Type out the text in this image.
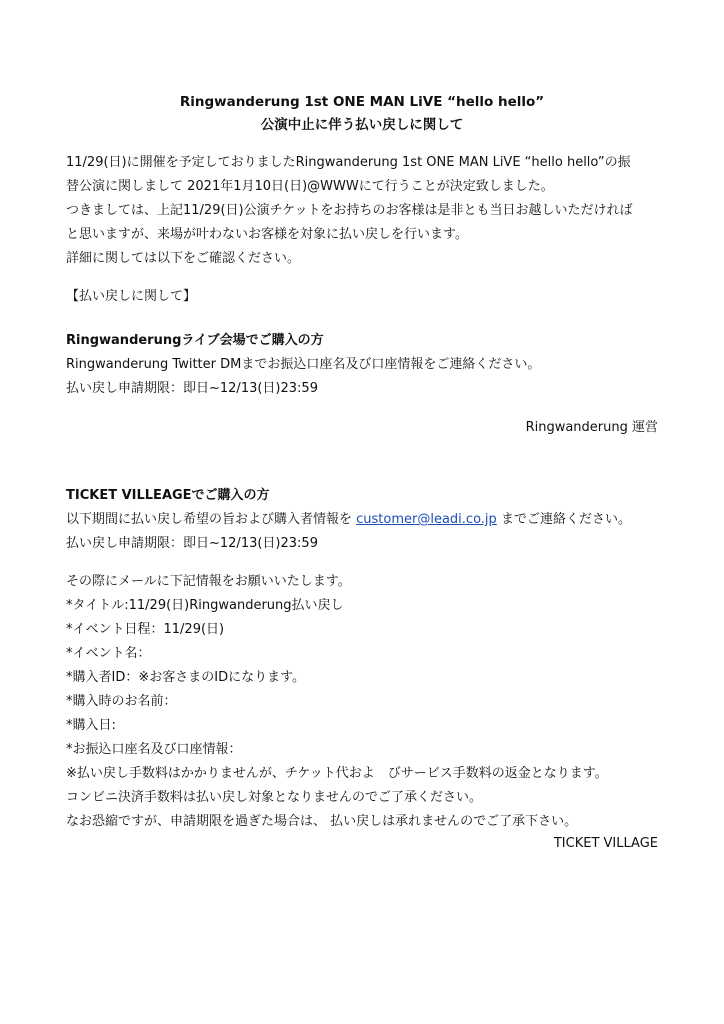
Ringwanderung 1st ONE MAN LiVE “hello hello”
公演中止に伴う払い戻しに関して
11/29(日)に開催を予定しておりましたRingwanderung 1st ONE MAN LiVE “hello hello”の振
替公演に関しまして 2021年1月10日(日)@WWWにて行うことが決定致しました。
つきましては、上記11/29(日)公演チケットをお持ちのお客様は是非とも当日お越しいただければ
と思いますが、来場が叶わないお客様を対象に払い戻しを行います。
詳細に関しては以下をご確認ください。
【払い戻しに関して】
Ringwanderungライブ会場でご購入の方
Ringwanderung Twitter DMまでお振込口座名及び口座情報をご連絡ください。
払い戻し申請期限：即日~12/13(日)23:59
Ringwanderung 運営
TICKET VILLEAGEでご購入の方
以下期間に払い戻し希望の旨および購入者情報を customer@leadi.co.jp までご連絡ください。
払い戻し申請期限：即日~12/13(日)23:59
その際にメールに下記情報をお願いいたします。
*タイトル:11/29(日)Ringwanderung払い戻し
*イベント日程：11/29(日)
*イベント名：
*購入者ID：※お客さまのIDになります。
*購入時のお名前：
*購入日:
*お振込口座名及び口座情報：
※払い戻し手数料はかかりませんが、チケット代およ　びサービス手数料の返金となります。
コンビニ決済手数料は払い戻し対象となりませんのでご了承ください。
なお恐縮ですが、申請期限を過ぎた場合は、 払い戻しは承れませんのでご了承下さい。
TICKET VILLAGE
